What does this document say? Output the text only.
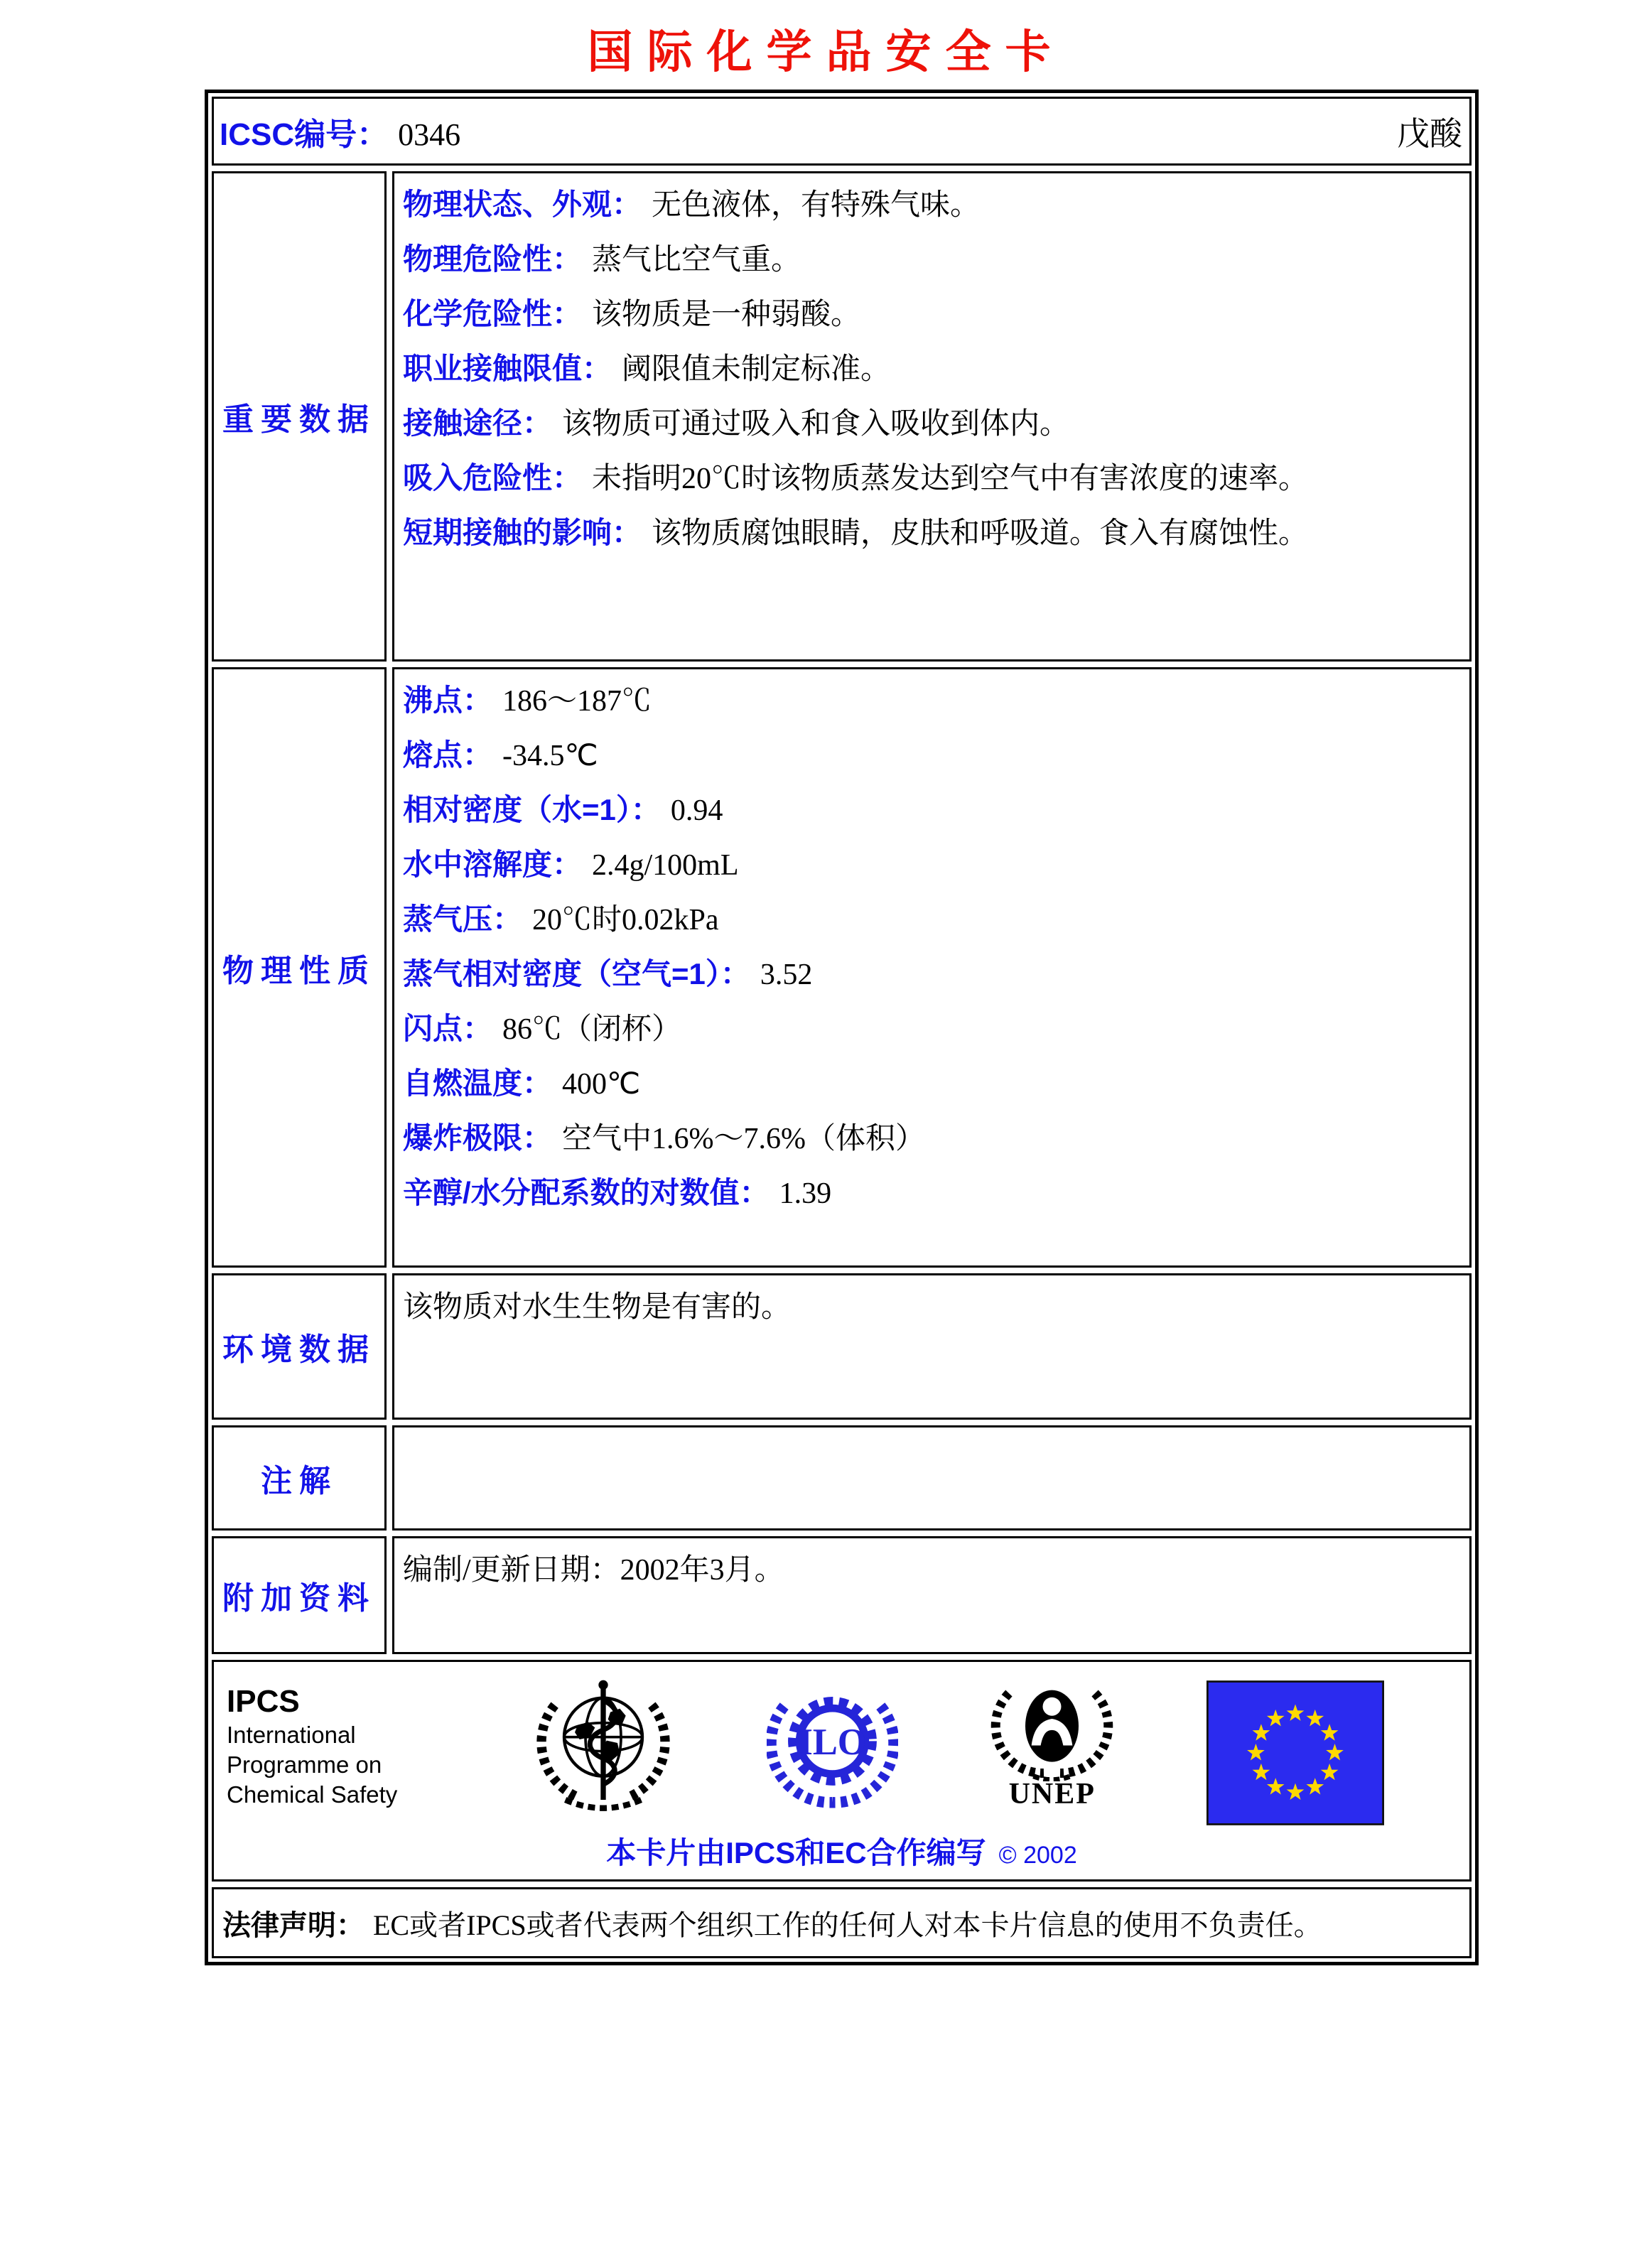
国际化学品安全卡
ICSC编号： 0346	戊酸
重要数据

物理状态、外观： 无色液体，有特殊气味。

物理危险性： 蒸气比空气重。

化学危险性： 该物质是一种弱酸。

职业接触限值： 阈限值未制定标准。

接触途径： 该物质可通过吸入和食入吸收到体内。

吸入危险性： 未指明20℃时该物质蒸发达到空气中有害浓度的速率。

短期接触的影响： 该物质腐蚀眼睛，皮肤和呼吸道。食入有腐蚀性。

物理性质

沸点： 186～187℃

熔点： -34.5℃

相对密度（水=1）： 0.94

水中溶解度： 2.4g/100mL

蒸气压： 20℃时0.02kPa

蒸气相对密度（空气=1）： 3.52

闪点： 86℃（闭杯）

自燃温度： 400℃

爆炸极限： 空气中1.6%～7.6%（体积）

辛醇/水分配系数的对数值： 1.39

环境数据

该物质对水生生物是有害的。

注解

附加资料

编制/更新日期：2002年3月。

IPCS
International Programme on Chemical Safety
ILO
UNEP
本卡片由IPCS和EC合作编写 © 2002
法律声明： EC或者IPCS或者代表两个组织工作的任何人对本卡片信息的使用不负责任。
